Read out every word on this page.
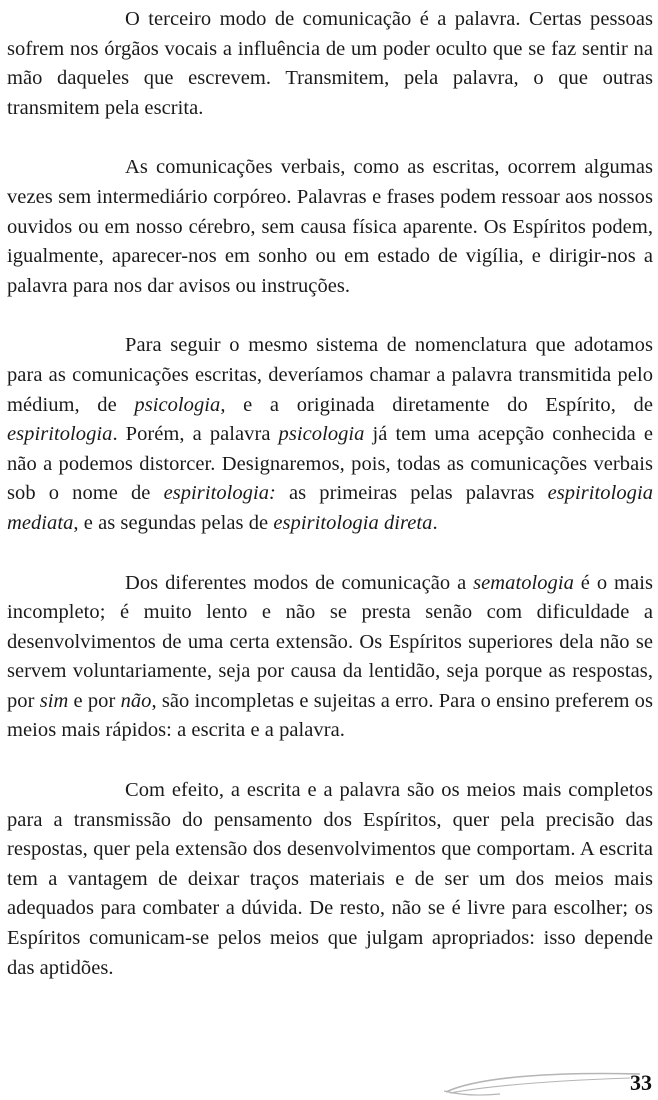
O terceiro modo de comunicação é a palavra. Certas pessoas sofrem nos órgãos vocais a influência de um poder oculto que se faz sentir na mão daqueles que escrevem. Transmitem, pela palavra, o que outras transmitem pela escrita.

As comunicações verbais, como as escritas, ocorrem algumas vezes sem intermediário corpóreo. Palavras e frases podem ressoar aos nossos ouvidos ou em nosso cérebro, sem causa física aparente. Os Espíritos podem, igualmente, aparecer-nos em sonho ou em estado de vigília, e dirigir-nos a palavra para nos dar avisos ou instruções.

Para seguir o mesmo sistema de nomenclatura que adotamos para as comunicações escritas, deveríamos chamar a palavra transmitida pelo médium, de psicologia, e a originada diretamente do Espírito, de espiritologia. Porém, a palavra psicologia já tem uma acepção conhecida e não a podemos distorcer. Designaremos, pois, todas as comunicações verbais sob o nome de espiritologia: as primeiras pelas palavras espiritologia mediata, e as segundas pelas de espiritologia direta.

Dos diferentes modos de comunicação a sematologia é o mais incompleto; é muito lento e não se presta senão com dificuldade a desenvolvimentos de uma certa extensão. Os Espíritos superiores dela não se servem voluntariamente, seja por causa da lentidão, seja porque as respostas, por sim e por não, são incompletas e sujeitas a erro. Para o ensino preferem os meios mais rápidos: a escrita e a palavra.

Com efeito, a escrita e a palavra são os meios mais completos para a transmissão do pensamento dos Espíritos, quer pela precisão das respostas, quer pela extensão dos desenvolvimentos que comportam. A escrita tem a vantagem de deixar traços materiais e de ser um dos meios mais adequados para combater a dúvida. De resto, não se é livre para escolher; os Espíritos comunicam-se pelos meios que julgam apropriados: isso depende das aptidões.

33
